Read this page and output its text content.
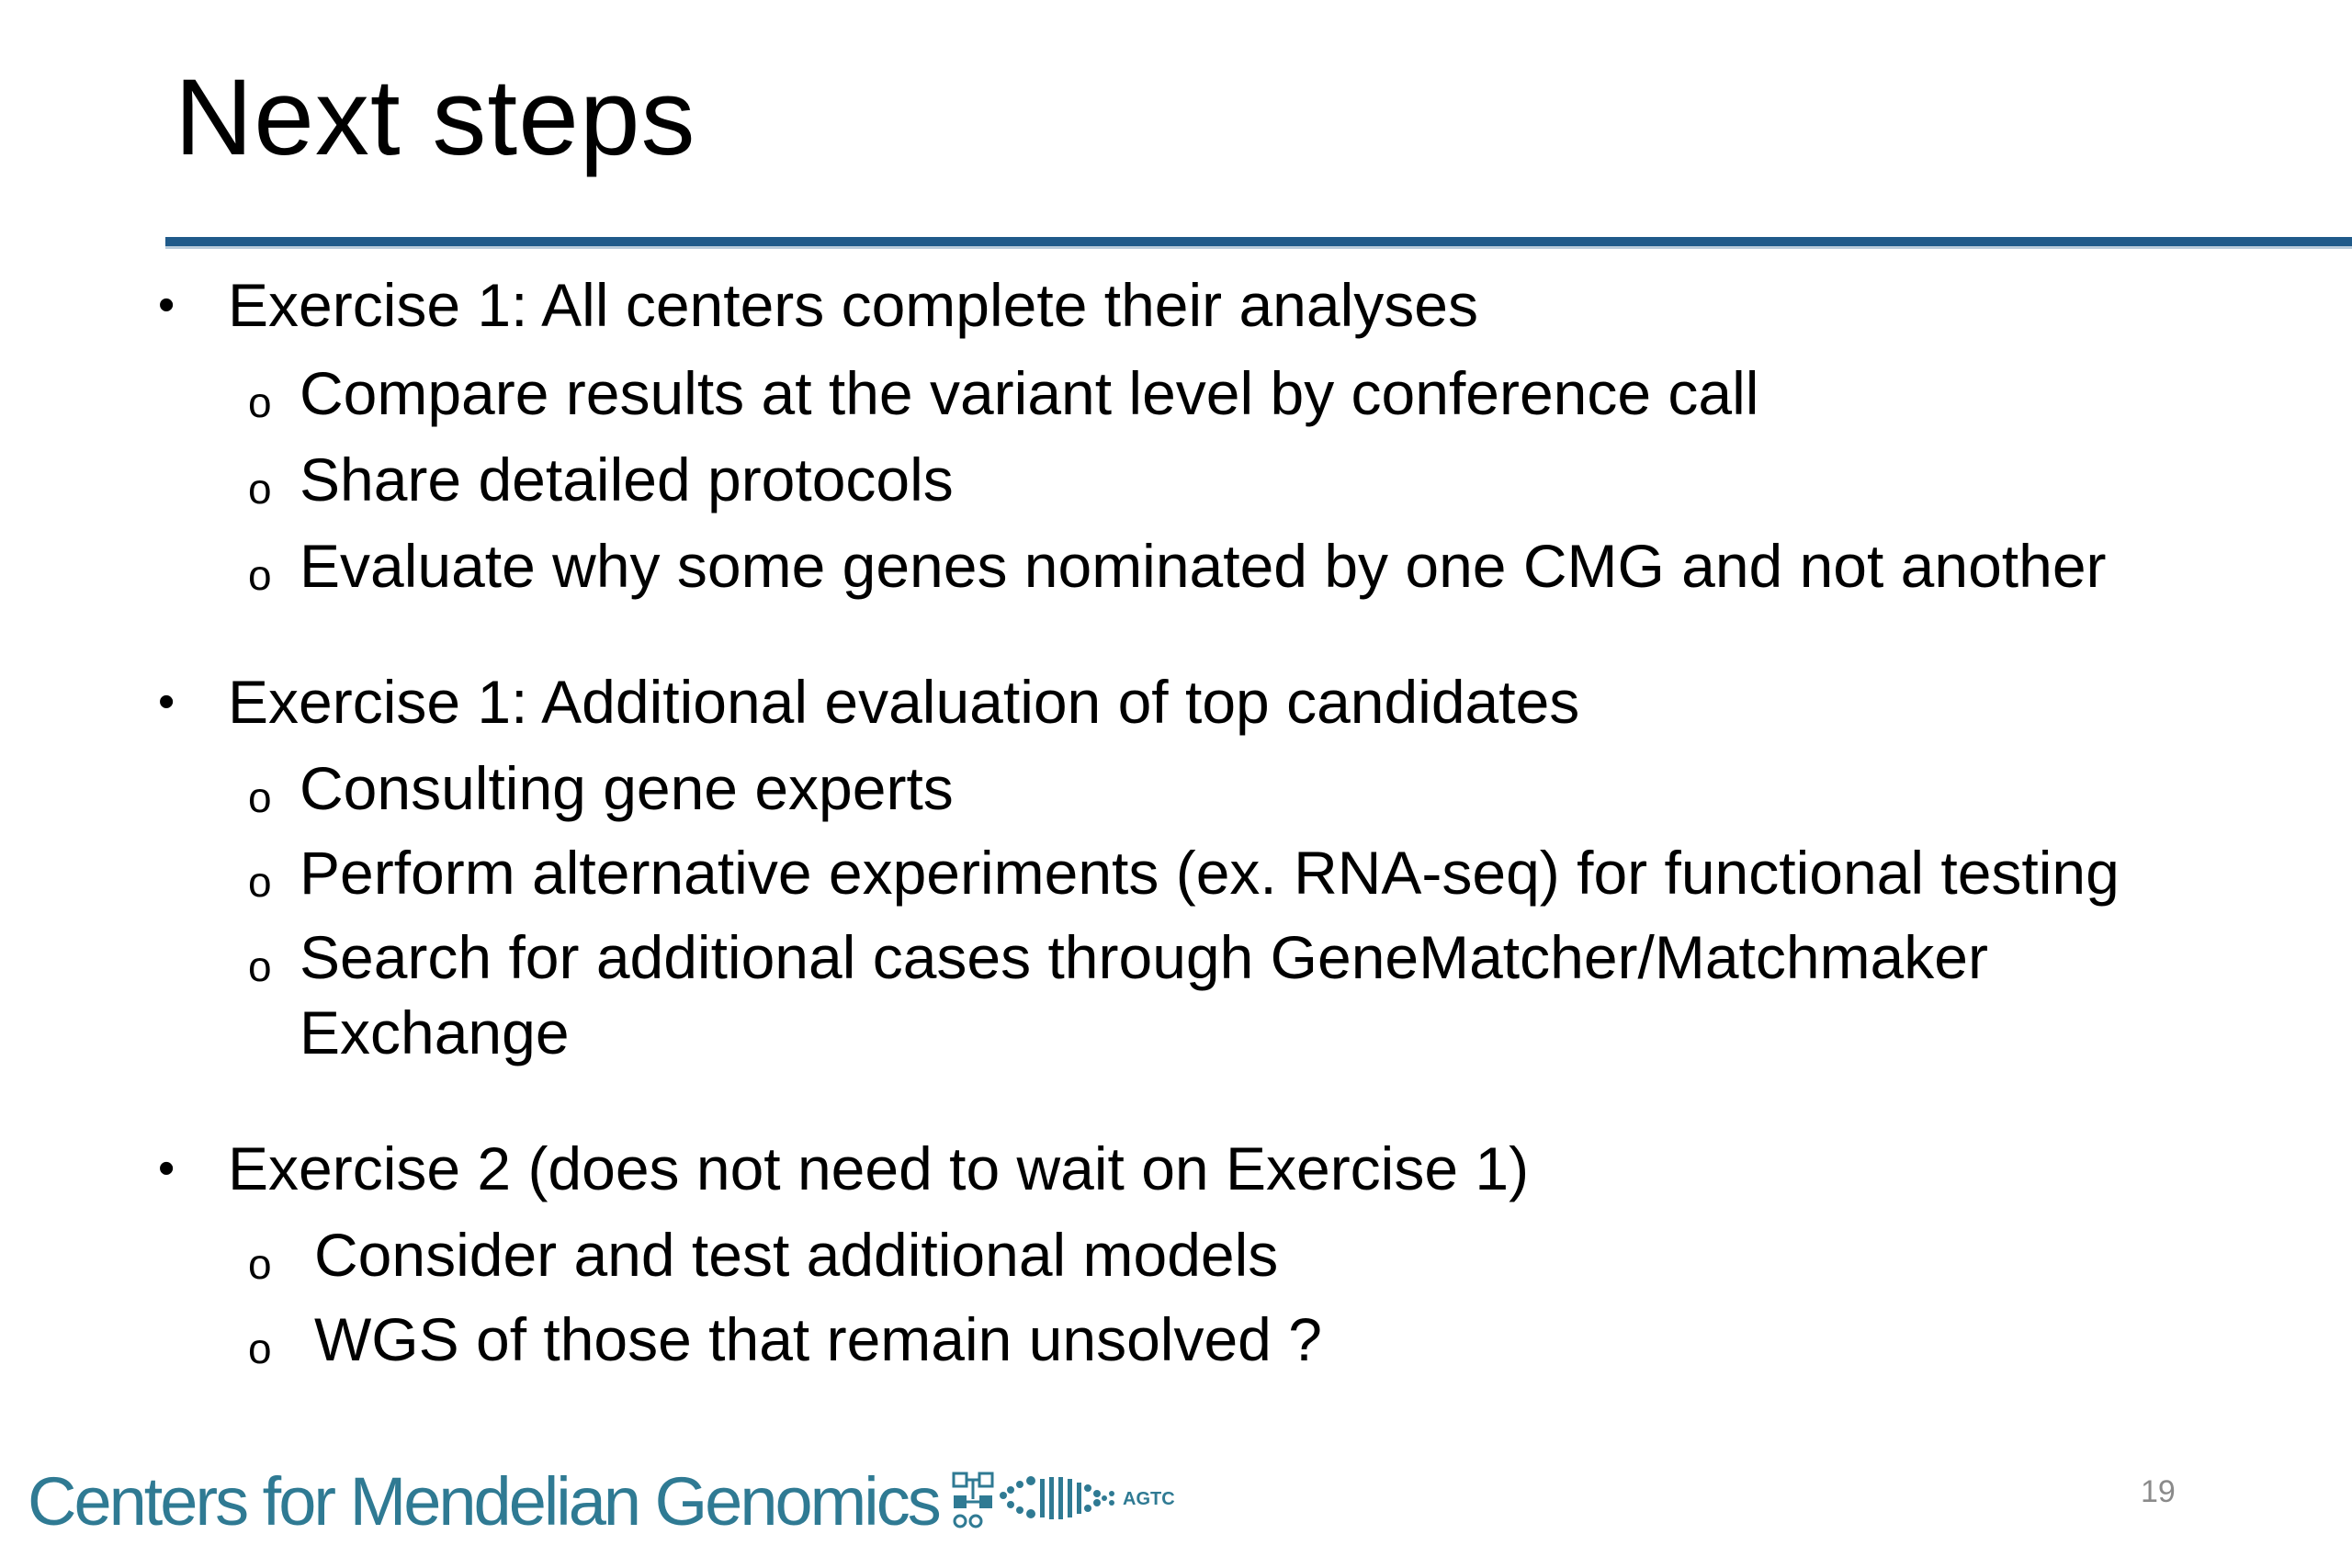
Next steps
• Exercise 1: All centers complete their analyses
o Compare results at the variant level by conference call
o Share detailed protocols
o Evaluate why some genes nominated by one CMG and not another
• Exercise 1: Additional evaluation of top candidates
o Consulting gene experts
o Perform alternative experiments (ex. RNA-seq) for functional testing
o Search for additional cases through GeneMatcher/Matchmaker
Exchange
• Exercise 2 (does not need to wait on Exercise 1)
o Consider and test additional models
o WGS of those that remain unsolved ?
Centers for Mendelian Genomics	AGTC	19
